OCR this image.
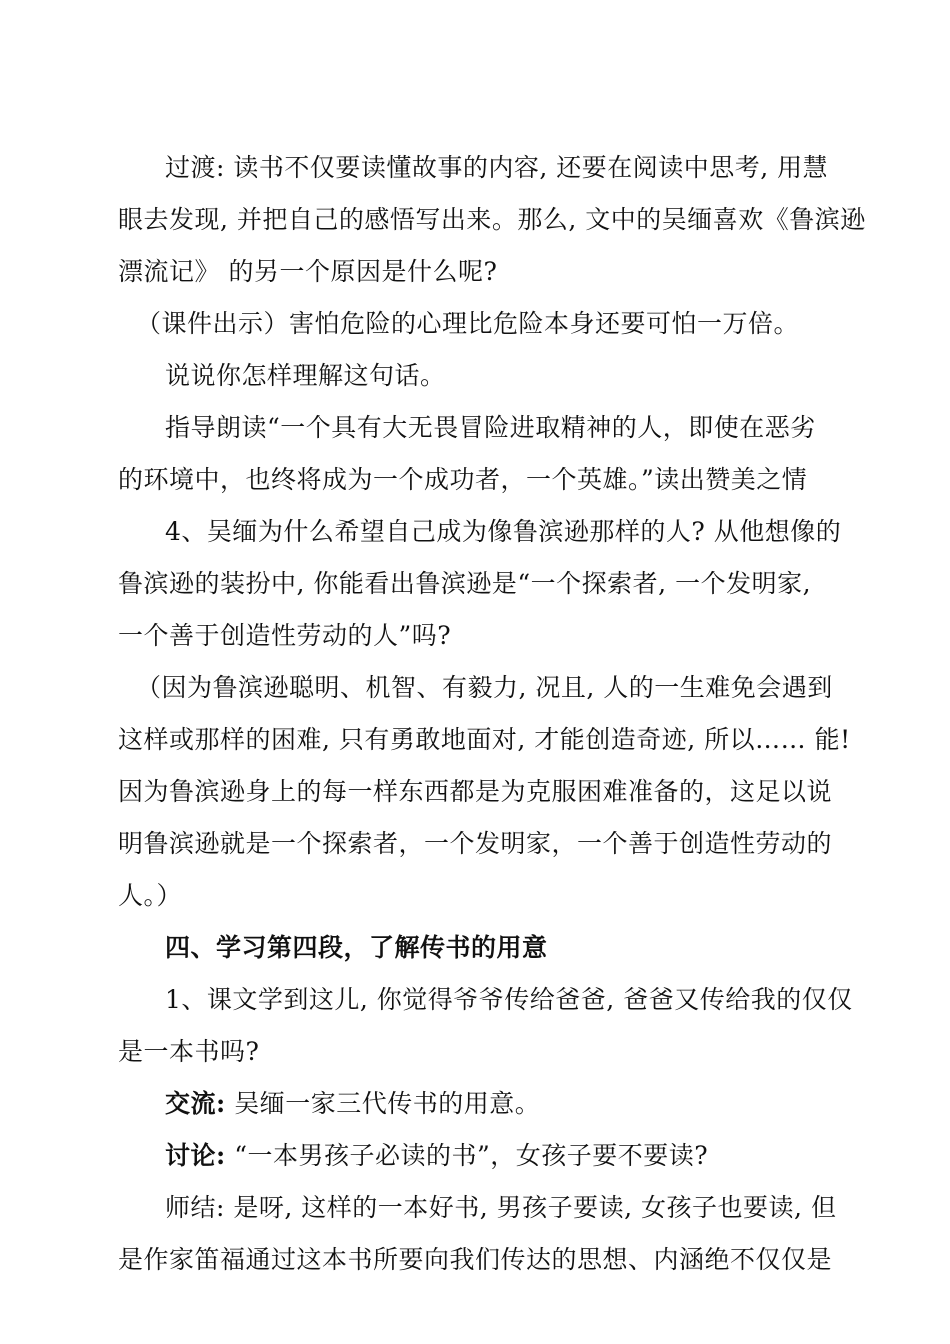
过渡: 读书不仅要读懂故事的内容, 还要在阅读中思考, 用慧
眼去发现, 并把自己的感悟写出来。那么, 文中的吴缅喜欢《鲁滨逊
漂流记》 的另一个原因是什么呢?
（课件出示）害怕危险的心理比危险本身还要可怕一万倍。
说说你怎样理解这句话。
指导朗读“一个具有大无畏冒险进取精神的人，即使在恶劣
的环境中，也终将成为一个成功者，一个英雄。”读出赞美之情
4、吴缅为什么希望自己成为像鲁滨逊那样的人? 从他想像的
鲁滨逊的装扮中, 你能看出鲁滨逊是“一个探索者, 一个发明家,
一个善于创造性劳动的人”吗?
（因为鲁滨逊聪明、机智、有毅力, 况且, 人的一生难免会遇到
这样或那样的困难, 只有勇敢地面对, 才能创造奇迹, 所以…… 能!
因为鲁滨逊身上的每一样东西都是为克服困难准备的，这足以说
明鲁滨逊就是一个探索者，一个发明家，一个善于创造性劳动的
人。）
四、学习第四段，了解传书的用意
1、课文学到这儿, 你觉得爷爷传给爸爸, 爸爸又传给我的仅仅
是一本书吗?
交流: 吴缅一家三代传书的用意。
讨论: “一本男孩子必读的书”，女孩子要不要读?
师结: 是呀, 这样的一本好书, 男孩子要读, 女孩子也要读, 但
是作家笛福通过这本书所要向我们传达的思想、内涵绝不仅仅是
